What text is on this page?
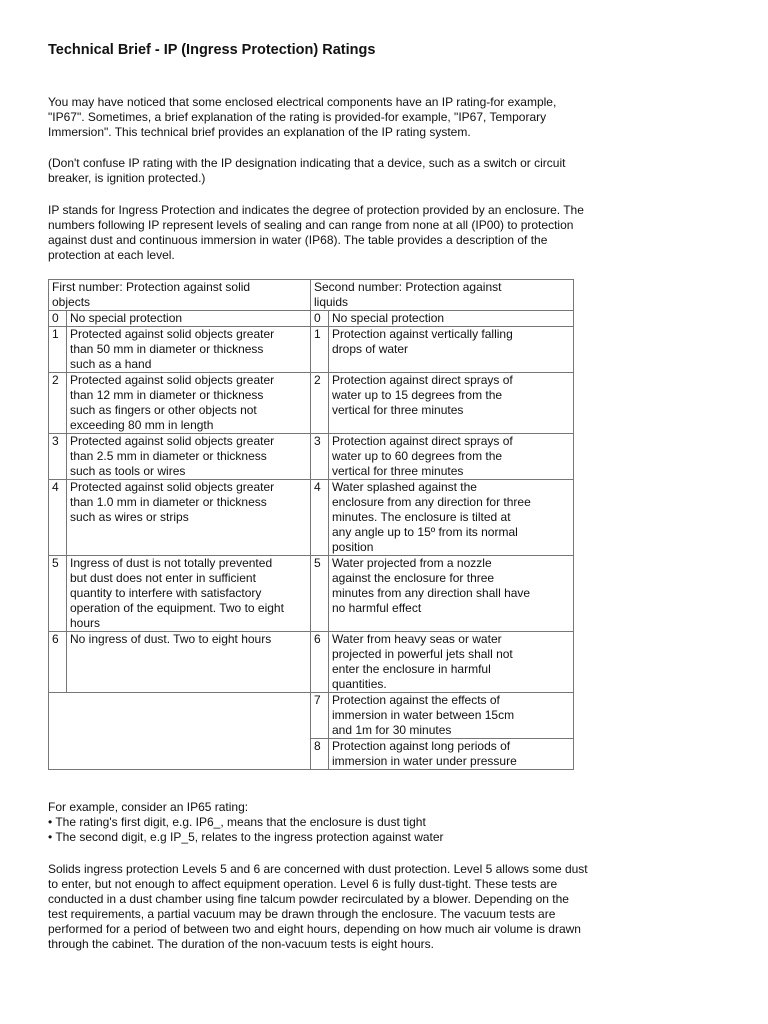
Technical Brief - IP (Ingress Protection) Ratings

You may have noticed that some enclosed electrical components have an IP rating-for example,
"IP67". Sometimes, a brief explanation of the rating is provided-for example, "IP67, Temporary
Immersion". This technical brief provides an explanation of the IP rating system.

(Don't confuse IP rating with the IP designation indicating that a device, such as a switch or circuit
breaker, is ignition protected.)

IP stands for Ingress Protection and indicates the degree of protection provided by an enclosure. The
numbers following IP represent levels of sealing and can range from none at all (IP00) to protection
against dust and continuous immersion in water (IP68). The table provides a description of the
protection at each level.

First number: Protection against solid
objects		Second number: Protection against
liquids	

0	No special protection	0	No special protection

1	Protected against solid objects greater
than 50 mm in diameter or thickness
such as a hand	1	Protection against vertically falling
drops of water

2	Protected against solid objects greater
than 12 mm in diameter or thickness
such as fingers or other objects not
exceeding 80 mm in length	2	Protection against direct sprays of
water up to 15 degrees from the
vertical for three minutes

3	Protected against solid objects greater
than 2.5 mm in diameter or thickness
such as tools or wires	3	Protection against direct sprays of
water up to 60 degrees from the
vertical for three minutes

4	Protected against solid objects greater
than 1.0 mm in diameter or thickness
such as wires or strips	4	Water splashed against the
enclosure from any direction for three
minutes. The enclosure is tilted at
any angle up to 15º from its normal
position

5	Ingress of dust is not totally prevented
but dust does not enter in sufficient
quantity to interfere with satisfactory
operation of the equipment. Two to eight
hours	5	Water projected from a nozzle
against the enclosure for three
minutes from any direction shall have
no harmful effect

6	No ingress of dust. Two to eight hours	6	Water from heavy seas or water
projected in powerful jets shall not
enter the enclosure in harmful
quantities.

		7	Protection against the effects of
immersion in water between 15cm
and 1m for 30 minutes

		8	Protection against long periods of
immersion in water under pressure

For example, consider an IP65 rating:
• The rating's first digit, e.g. IP6_, means that the enclosure is dust tight
• The second digit, e.g IP_5, relates to the ingress protection against water

Solids ingress protection Levels 5 and 6 are concerned with dust protection. Level 5 allows some dust
to enter, but not enough to affect equipment operation. Level 6 is fully dust-tight. These tests are
conducted in a dust chamber using fine talcum powder recirculated by a blower. Depending on the
test requirements, a partial vacuum may be drawn through the enclosure. The vacuum tests are
performed for a period of between two and eight hours, depending on how much air volume is drawn
through the cabinet. The duration of the non-vacuum tests is eight hours.
